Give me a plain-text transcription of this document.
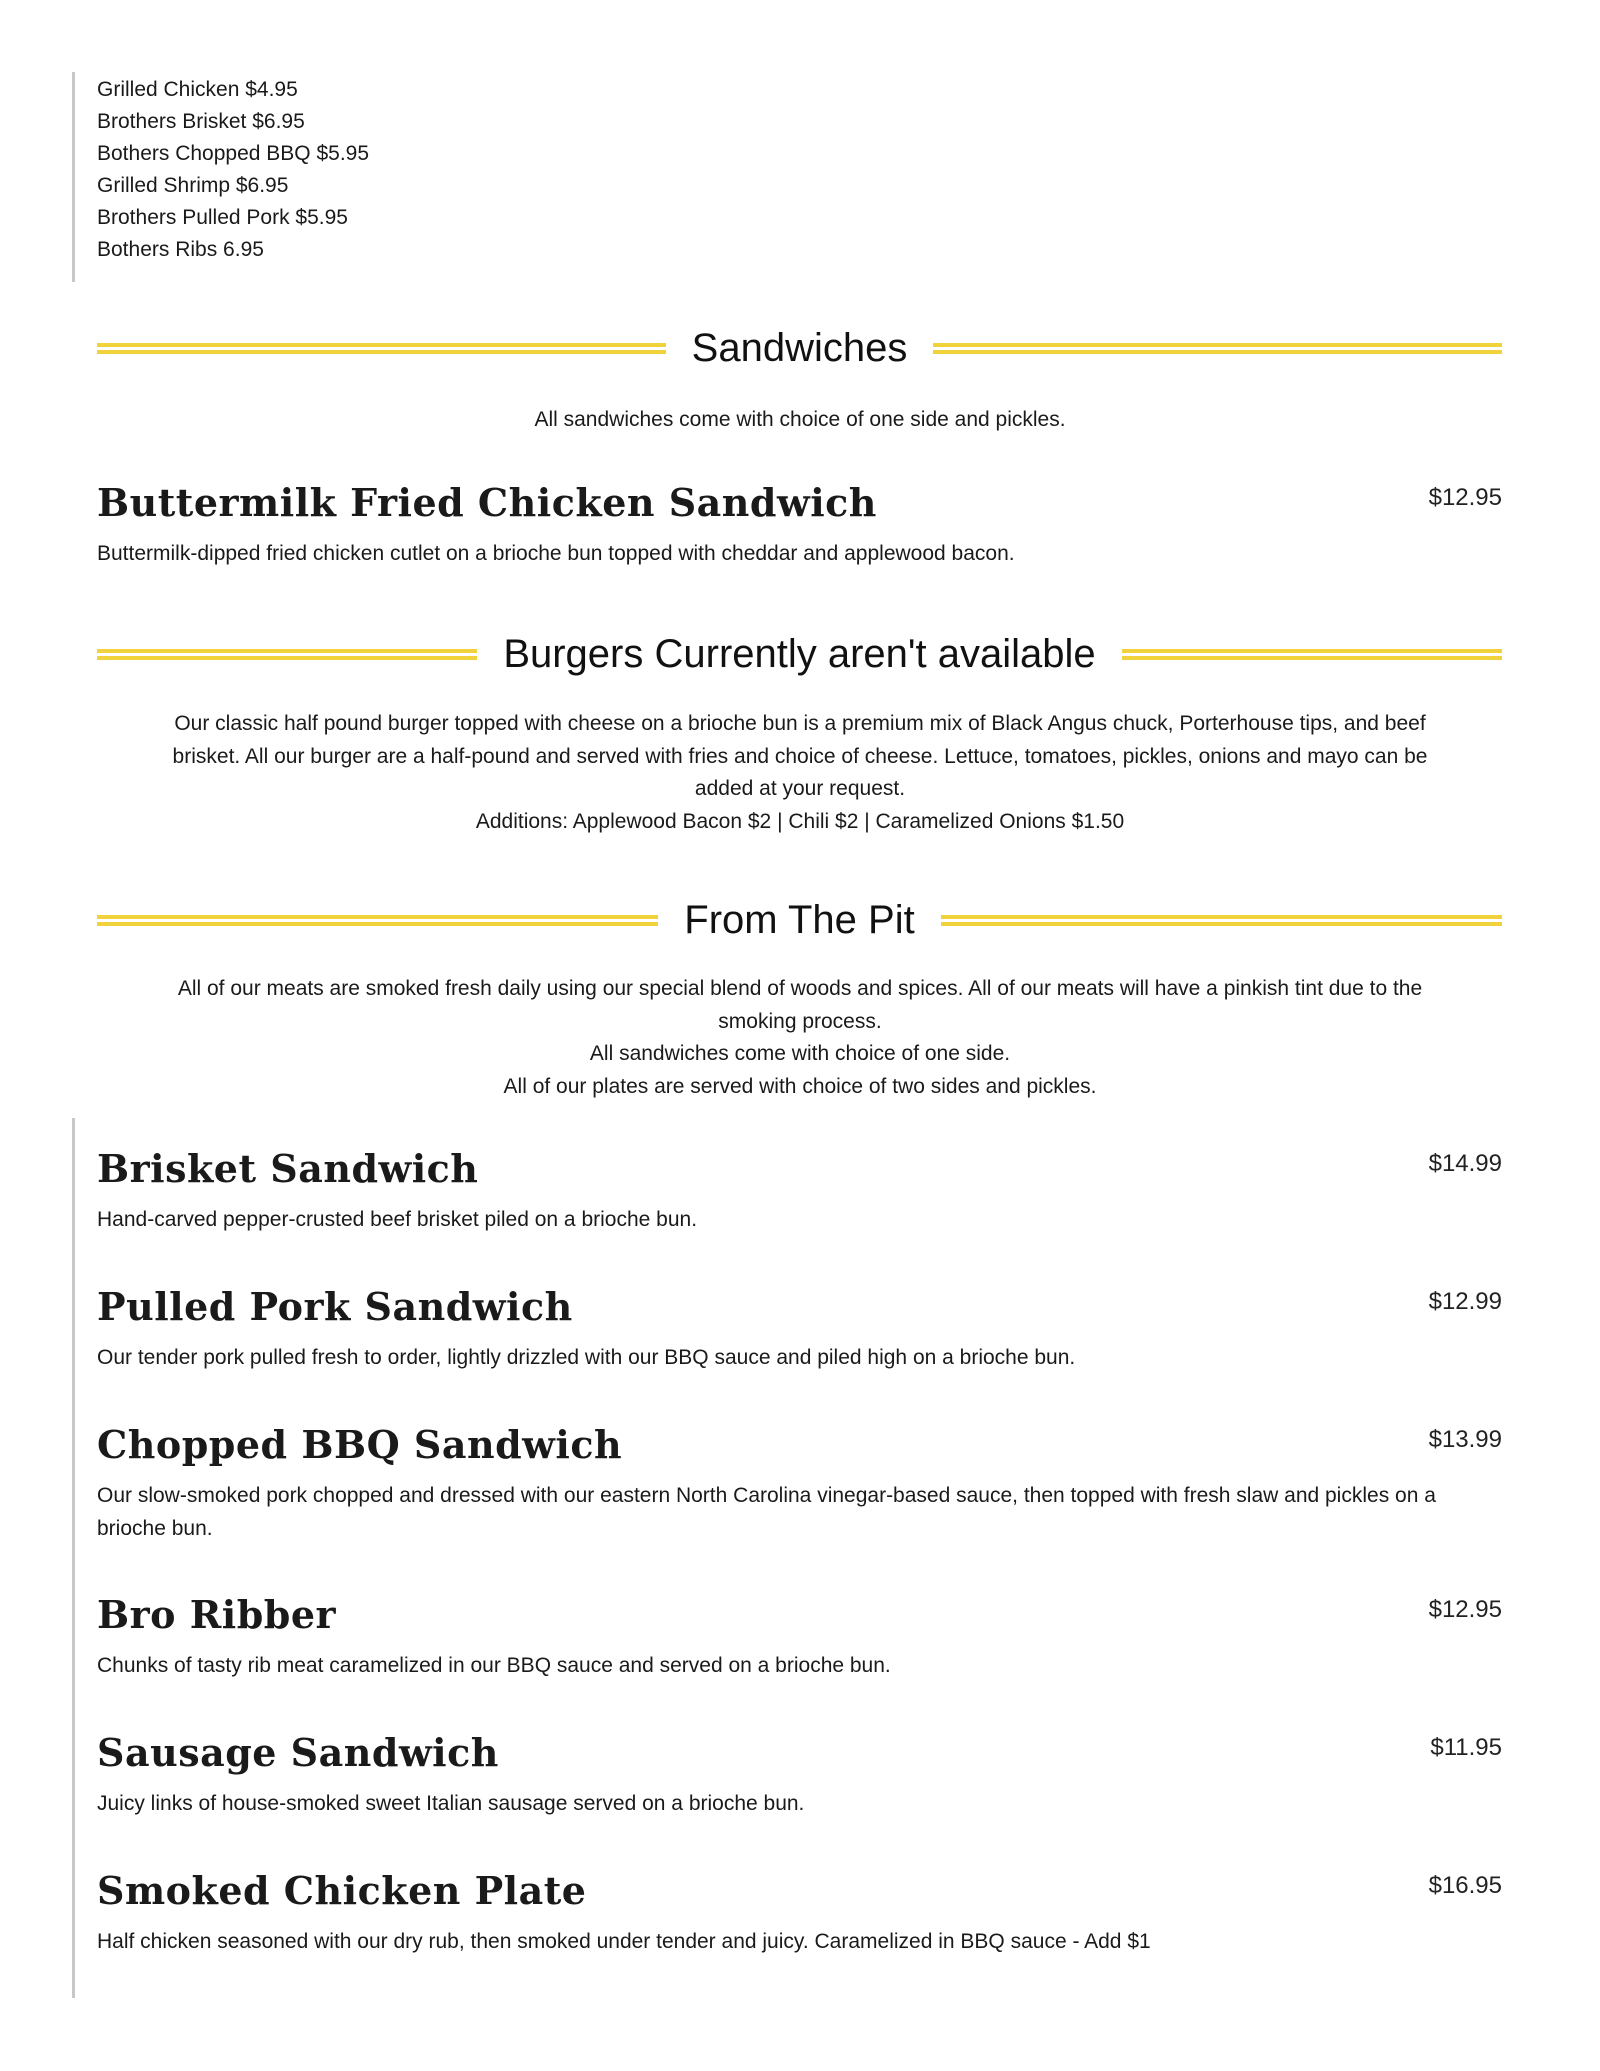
Grilled Chicken $4.95
Brothers Brisket $6.95
Bothers Chopped BBQ $5.95
Grilled Shrimp $6.95
Brothers Pulled Pork $5.95
Bothers Ribs 6.95
Sandwiches
All sandwiches come with choice of one side and pickles.
Buttermilk Fried Chicken Sandwich	$12.95
Buttermilk-dipped fried chicken cutlet on a brioche bun topped with cheddar and applewood bacon.
Burgers Currently aren't available
Our classic half pound burger topped with cheese on a brioche bun is a premium mix of Black Angus chuck, Porterhouse tips, and beef
brisket. All our burger are a half-pound and served with fries and choice of cheese. Lettuce, tomatoes, pickles, onions and mayo can be
added at your request.
Additions: Applewood Bacon $2 | Chili $2 | Caramelized Onions $1.50
From The Pit
All of our meats are smoked fresh daily using our special blend of woods and spices. All of our meats will have a pinkish tint due to the
smoking process.
All sandwiches come with choice of one side.
All of our plates are served with choice of two sides and pickles.
Brisket Sandwich	$14.99
Hand-carved pepper-crusted beef brisket piled on a brioche bun.
Pulled Pork Sandwich	$12.99
Our tender pork pulled fresh to order, lightly drizzled with our BBQ sauce and piled high on a brioche bun.
Chopped BBQ Sandwich	$13.99
Our slow-smoked pork chopped and dressed with our eastern North Carolina vinegar-based sauce, then topped with fresh slaw and pickles on a brioche bun.
Bro Ribber	$12.95
Chunks of tasty rib meat caramelized in our BBQ sauce and served on a brioche bun.
Sausage Sandwich	$11.95
Juicy links of house-smoked sweet Italian sausage served on a brioche bun.
Smoked Chicken Plate	$16.95
Half chicken seasoned with our dry rub, then smoked under tender and juicy. Caramelized in BBQ sauce - Add $1
